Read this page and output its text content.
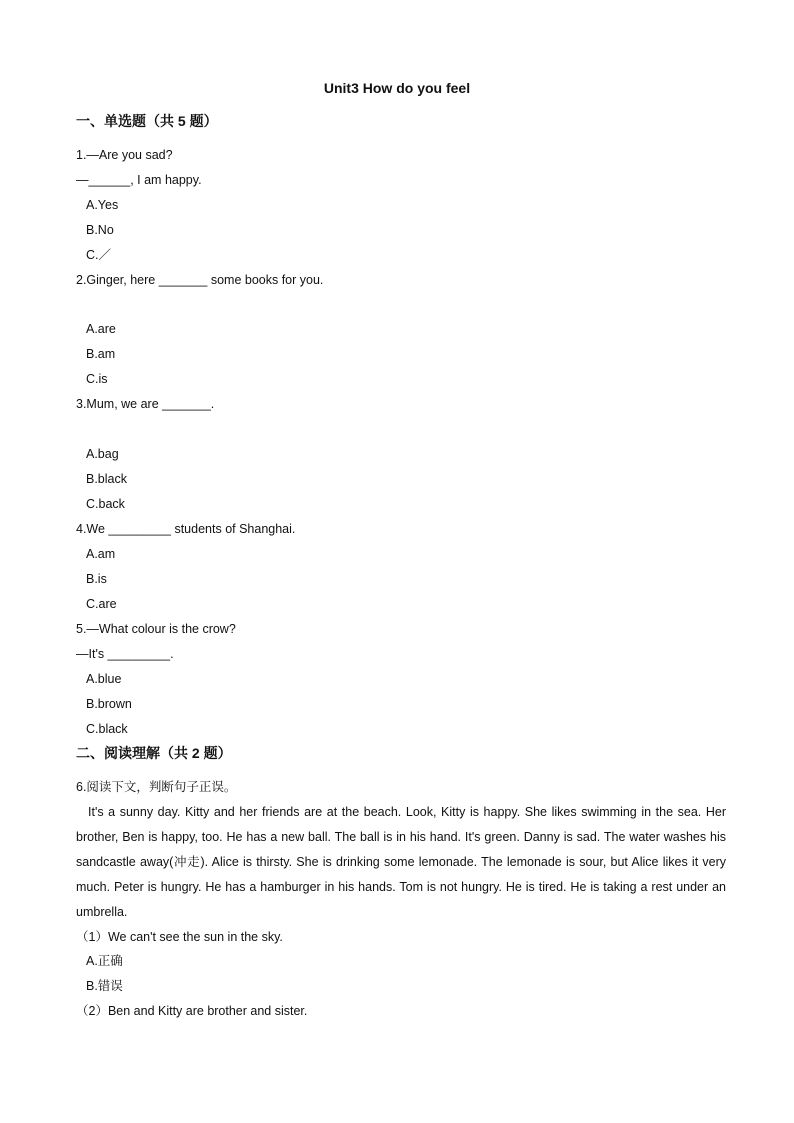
Unit3 How do you feel
一、单选题（共 5 题）
1.—Are you sad?
—______, I am happy.
A.Yes
B.No
C.／
2.Ginger, here _______ some books for you.
A.are
B.am
C.is
3.Mum, we are _______.
A.bag
B.black
C.back
4.We _________ students of Shanghai.
A.am
B.is
C.are
5.—What colour is the crow?
—It's _________.
A.blue
B.brown
C.black
二、阅读理解（共 2 题）
6.阅读下文，判断句子正误。
It's a sunny day. Kitty and her friends are at the beach. Look, Kitty is happy. She likes swimming in the sea. Her brother, Ben is happy, too. He has a new ball. The ball is in his hand. It's green. Danny is sad. The water washes his sandcastle away(冲走). Alice is thirsty. She is drinking some lemonade. The lemonade is sour, but Alice likes it very much. Peter is hungry. He has a hamburger in his hands. Tom is not hungry. He is tired. He is taking a rest under an umbrella.
（1）We can't see the sun in the sky.
A.正确
B.错误
（2）Ben and Kitty are brother and sister.
